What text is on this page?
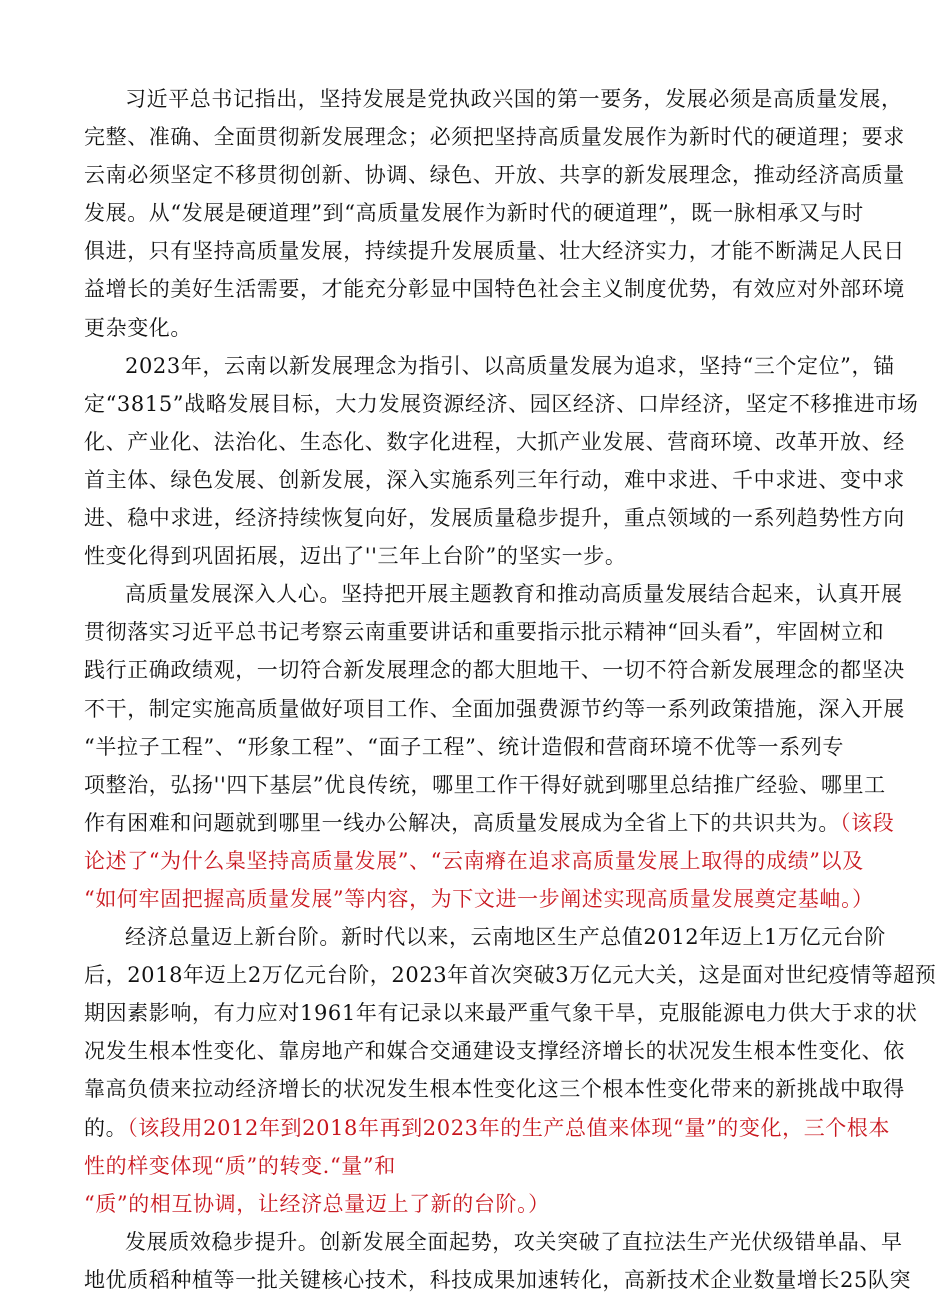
习近平总书记指出，坚持发展是党执政兴国的第一要务，发展必须是高质量发展，
完整、准确、全面贯彻新发展理念；必须把坚持高质量发展作为新时代的硬道理；要求
云南必须坚定不移贯彻创新、协调、绿色、开放、共享的新发展理念，推动经济高质量
发展。从“发展是硬道理”到“高质量发展作为新时代的硬道理”，既一脉相承又与时
俱进，只有坚持高质量发展，持续提升发展质量、壮大经济实力，才能不断满足人民日
益增长的美好生活需要，才能充分彰显中国特色社会主义制度优势，有效应对外部环境
更杂变化。
2023年，云南以新发展理念为指引、以高质量发展为追求，坚持“三个定位”，锚
定“3815”战略发展目标，大力发展资源经济、园区经济、口岸经济，坚定不移推进市场
化、产业化、法治化、生态化、数字化进程，大抓产业发展、营商环境、改革开放、经
首主体、绿色发展、创新发展，深入实施系列三年行动，难中求进、千中求进、变中求
进、稳中求进，经济持续恢复向好，发展质量稳步提升，重点领域的一系列趋势性方向
性变化得到巩固拓展，迈出了''三年上台阶”的坚实一步。
高质量发展深入人心。坚持把开展主题教育和推动高质量发展结合起来，认真开展
贯彻落实习近平总书记考察云南重要讲话和重要指示批示精神“回头看”，牢固树立和
践行正确政绩观，一切符合新发展理念的都大胆地干、一切不符合新发展理念的都坚决
不干，制定实施高质量做好项目工作、全面加强费源节约等一系列政策措施，深入开展
“半拉子工程”、“形象工程”、“面子工程”、统计造假和营商环境不优等一系列专
项整治，弘扬''四下基层”优良传统，哪里工作干得好就到哪里总结推广经验、哪里工
作有困难和问题就到哪里一线办公解决，高质量发展成为全省上下的共识共为。（该段
论述了“为什么臬坚持高质量发展”、“云南瘠在追求高质量发展上取得的成绩”以及
“如何牢固把握高质量发展”等内容，为下文进一步阐述实现高质量发展奠定基岫。）
经济总量迈上新台阶。新时代以来，云南地区生产总值2012年迈上1万亿元台阶
后，2018年迈上2万亿元台阶，2023年首次突破3万亿元大关，这是面对世纪疫情等超预
期因素影响，有力应对1961年有记录以来最严重气象干旱，克服能源电力供大于求的状
况发生根本性变化、靠房地产和媒合交通建设支撑经济增长的状况发生根本性变化、依
靠高负债来拉动经济增长的状况发生根本性变化这三个根本性变化带来的新挑战中取得
的。（该段用2012年到2018年再到2023年的生产总值来体现“量”的变化，三个根本
性的样变体现“质”的转变.“量”和
“质”的相互协调，让经济总量迈上了新的台阶。）
发展质效稳步提升。创新发展全面起势，攻关突破了直拉法生产光伏级错单晶、早
地优质稻种植等一批关键核心技术，科技成果加速转化，高新技术企业数量增长25队突
